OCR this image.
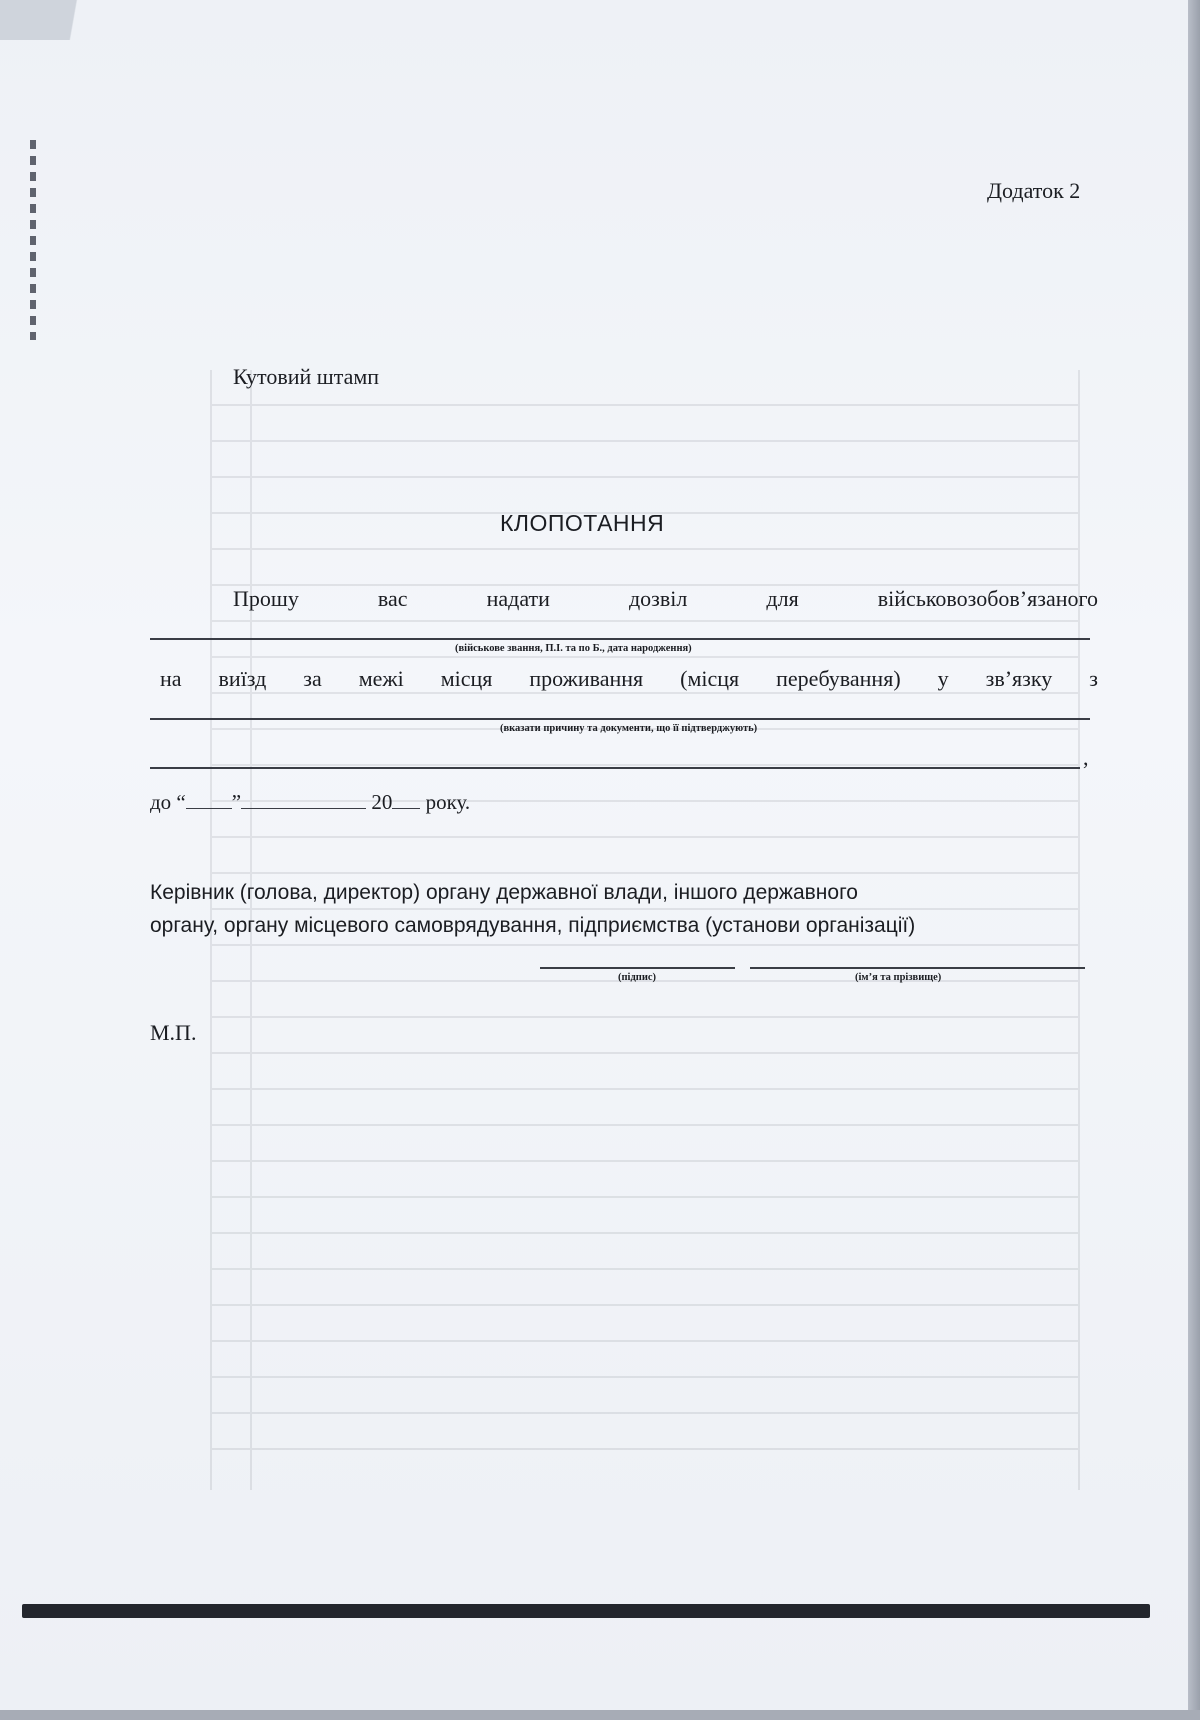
Додаток 2
Кутовий штамп
КЛОПОТАННЯ
Прошу	вас	надати	дозвіл	для	військовозобов’язаного
(військове звання, П.І. та по Б., дата народження)
на виїзд за межі місця проживання (місця перебування) у зв’язку з
(вказати причину та документи, що її підтверджують)
,
до “ ”	20 року.
Керівник (голова, директор) органу державної влади, іншого державного
органу, органу місцевого самоврядування, підприємства (установи організації)
(підпис)	(ім’я та прізвище)
М.П.
